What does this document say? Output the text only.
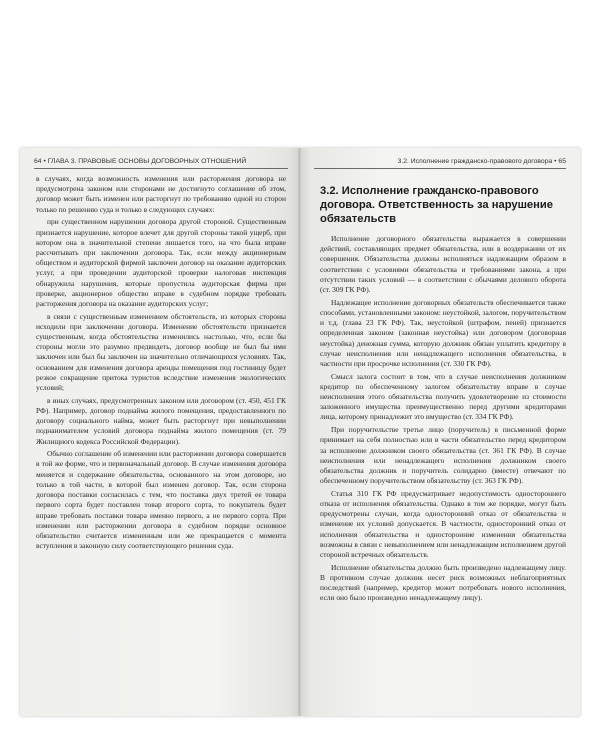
64 • ГЛАВА 3. ПРАВОВЫЕ ОСНОВЫ ДОГОВОРНЫХ ОТНОШЕНИЙ

в случаях, когда возможность изменения или расторжения договора не предусмотрена законом или сторонами не достигнуто соглашение об этом, договор может быть изменен или расторгнут по требованию одной из сторон только по решению суда и только в следующих случаях:

при существенном нарушении договора другой стороной. Существенным признается нарушение, которое влечет для другой стороны такой ущерб, при котором она в значительной степени лишается того, на что была вправе рассчитывать при заключении договора. Так, если между акционерным обществом и аудиторской фирмой заключен договор на оказание аудиторских услуг, а при проведении аудиторской проверки налоговая инспекция обнаружила нарушения, которые пропустила аудиторская фирма при проверке, акционерное общество вправе в судебном порядке требовать расторжения договора на оказание аудиторских услуг;

в связи с существенным изменением обстоятельств, из которых стороны исходили при заключении договора. Изменение обстоятельств признается существенным, когда обстоятельства изменились настолько, что, если бы стороны могли это разумно предвидеть, договор вообще не был бы ими заключен или был бы заключен на значительно отличающихся условиях. Так, основанием для изменения договора аренды помещения под гостиницу будет резкое сокращение притока туристов вследствие изменения экологических условий;

в иных случаях, предусмотренных законом или договором (ст. 450, 451 ГК РФ). Например, договор поднайма жилого помещения, предоставленного по договору социального найма, может быть расторгнут при невыполнении поднанимателем условий договора поднайма жилого помещения (ст. 79 Жилищного кодекса Российской Федерации).

Обычно соглашение об изменении или расторжении договора совершается в той же форме, что и первоначальный договор. В случае изменения договора меняется и содержание обязательства, основанного на этом договоре, но только в той части, в которой был изменен договор. Так, если сторона договора поставки согласилась с тем, что поставка двух третей ее товара первого сорта будет поставлен товар второго сорта, то покупатель будет вправе требовать поставки товара именно первого, а не первого сорта. При изменении или расторжении договора в судебном порядке основное обязательство считается измененным или же прекращается с момента вступления в законную силу соответствующего решения суда.

3.2. Исполнение гражданско-правового договора • 65
3.2. Исполнение гражданско-правового договора. Ответственность за нарушение обязательств

Исполнение договорного обязательства выражается в совершении действий, составляющих предмет обязательства, или в воздержании от их совершения. Обязательства должны исполняться надлежащим образом в соответствии с условиями обязательства и требованиями закона, а при отсутствии таких условий — в соответствии с обычаями делового оборота (ст. 309 ГК РФ).

Надлежащее исполнение договорных обязательств обеспечивается также способами, установленными законом: неустойкой, залогом, поручительством и т.д. (глава 23 ГК РФ). Так, неустойкой (штрафом, пеней) признается определенная законом (законная неустойка) или договором (договорная неустойка) денежная сумма, которую должник обязан уплатить кредитору в случае неисполнения или ненадлежащего исполнения обязательства, в частности при просрочке исполнения (ст. 330 ГК РФ).

Смысл залога состоит в том, что в случае неисполнения должником кредитор по обеспеченному залогом обязательству вправе в случае неисполнения этого обязательства получить удовлетворение из стоимости заложенного имущества преимущественно перед другими кредиторами лица, которому принадлежит это имущество (ст. 334 ГК РФ).

При поручительстве третье лицо (поручитель) в письменной форме принимает на себя полностью или в части обязательство перед кредитором за исполнение должником своего обязательства (ст. 361 ГК РФ). В случае неисполнения или ненадлежащего исполнения должником своего обязательства должник и поручитель солидарно (вместе) отвечают по обеспеченному поручительством обязательству (ст. 363 ГК РФ).

Статья 310 ГК РФ предусматривает недопустимость одностороннего отказа от исполнения обязательства. Однако в том же порядке, могут быть предусмотрены случаи, когда односторонний отказ от обязательства и изменение их условий допускается. В частности, односторонний отказ от исполнения обязательства и односторонние изменения обязательства возможны в связи с невыполнением или ненадлежащим исполнением другой стороной встречных обязательств.

Исполнение обязательства должно быть произведено надлежащему лицу. В противном случае должник несет риск возможных неблагоприятных последствий (например, кредитор может потребовать нового исполнения, если оно было произведено ненадлежащему лицу).
